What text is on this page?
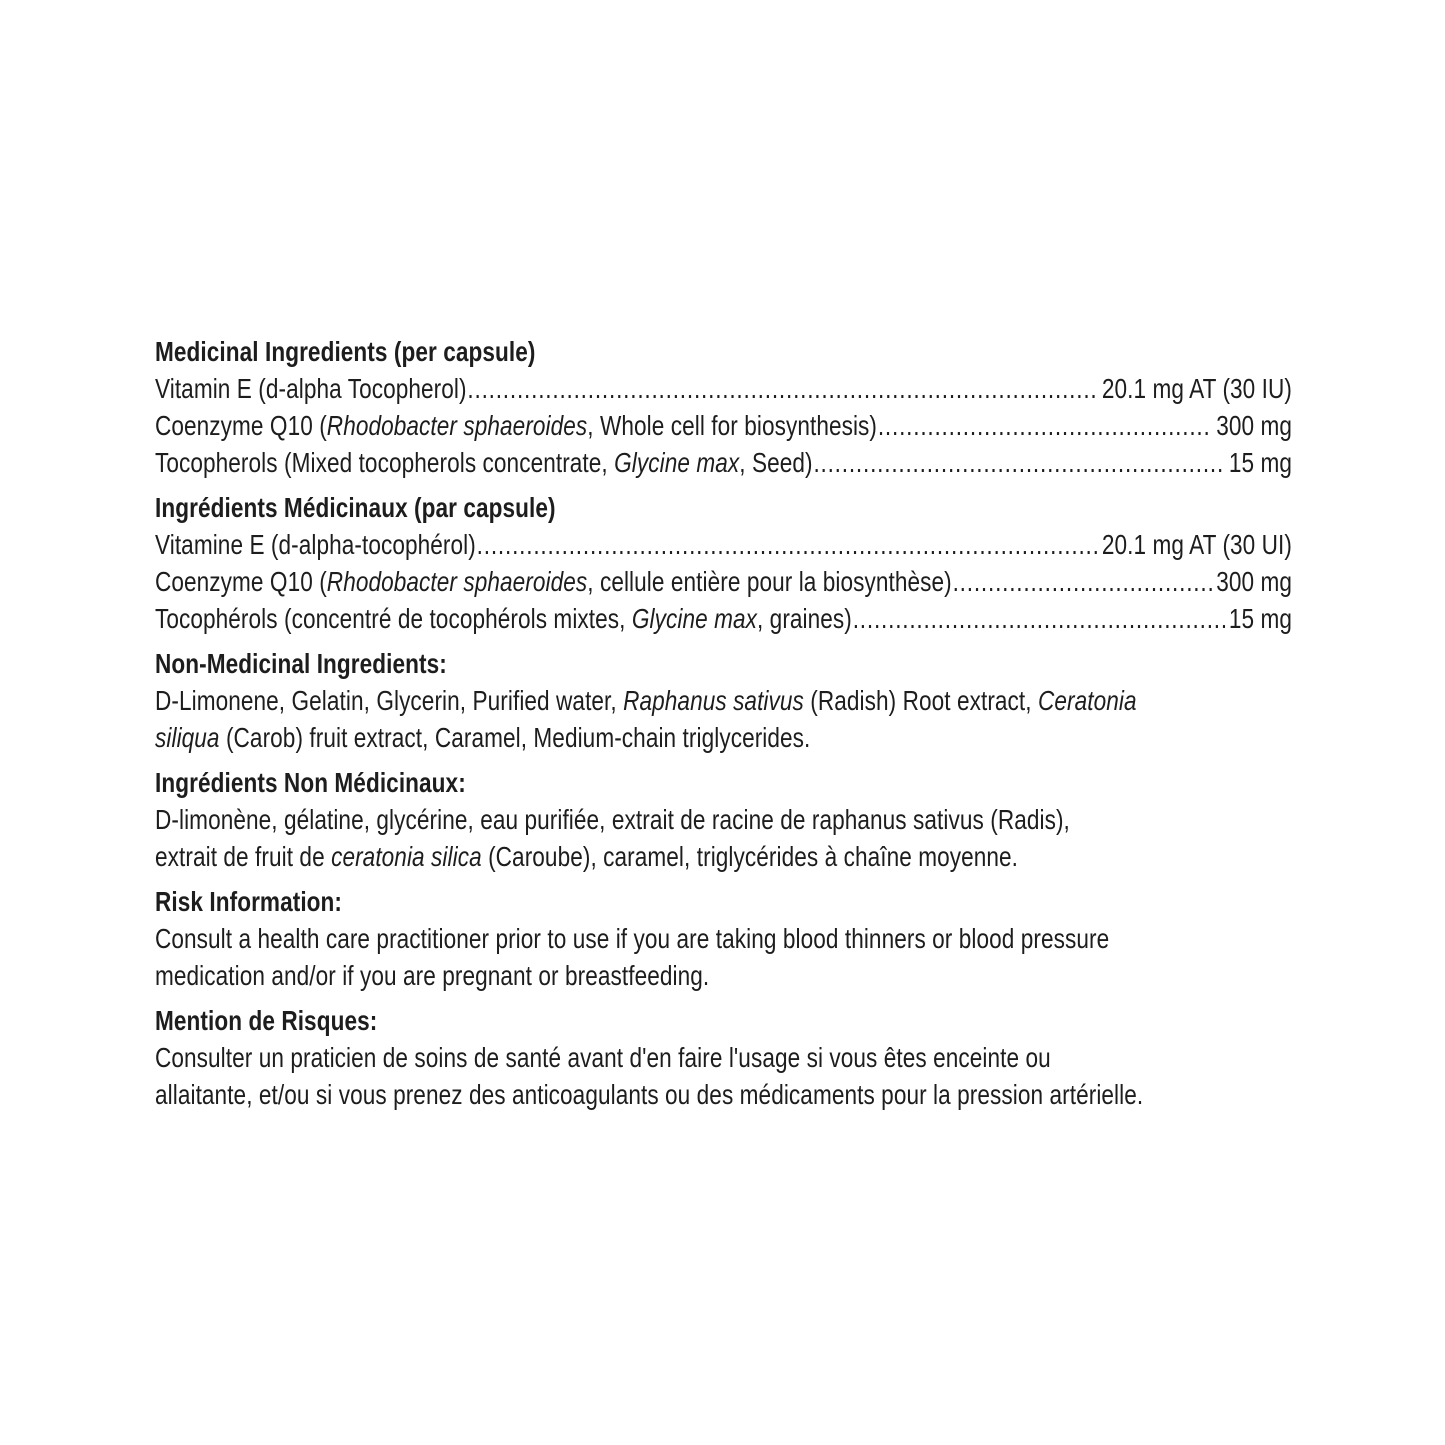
Medicinal Ingredients (per capsule)
Vitamin E (d-alpha Tocopherol) .....	20.1 mg AT (30 IU)
Coenzyme Q10 (Rhodobacter sphaeroides, Whole cell for biosynthesis) .....	300 mg
Tocopherols (Mixed tocopherols concentrate, Glycine max, Seed) .....	15 mg
Ingrédients Médicinaux (par capsule)
Vitamine E (d-alpha-tocophérol) .....	20.1 mg AT (30 UI)
Coenzyme Q10 (Rhodobacter sphaeroides, cellule entière pour la biosynthèse) .....	300 mg
Tocophérols (concentré de tocophérols mixtes, Glycine max, graines) .....	15 mg
Non-Medicinal Ingredients:
D-Limonene, Gelatin, Glycerin, Purified water, Raphanus sativus (Radish) Root extract, Ceratonia
siliqua (Carob) fruit extract, Caramel, Medium-chain triglycerides.
Ingrédients Non Médicinaux:
D-limonène, gélatine, glycérine, eau purifiée, extrait de racine de raphanus sativus (Radis),
extrait de fruit de ceratonia silica (Caroube), caramel, triglycérides à chaîne moyenne.
Risk Information:
Consult a health care practitioner prior to use if you are taking blood thinners or blood pressure
medication and/or if you are pregnant or breastfeeding.
Mention de Risques:
Consulter un praticien de soins de santé avant d'en faire l'usage si vous êtes enceinte ou
allaitante, et/ou si vous prenez des anticoagulants ou des médicaments pour la pression artérielle.
